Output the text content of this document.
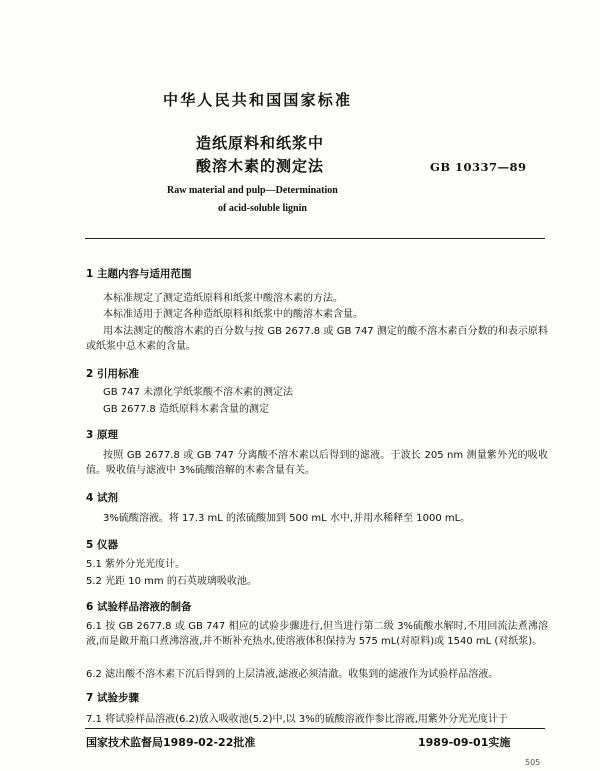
中华人民共和国国家标准
造纸原料和纸浆中
酸溶木素的测定法	GB 10337—89
Raw material and pulp—Determination
of acid-soluble lignin
1 主题内容与适用范围
本标准规定了测定造纸原料和纸浆中酸溶木素的方法。
本标准适用于测定各种造纸原料和纸浆中的酸溶木素含量。
用本法测定的酸溶木素的百分数与按 GB 2677.8 或 GB 747 测定的酸不溶木素百分数的和表示原料或纸浆中总木素的含量。
2 引用标准
GB 747 未漂化学纸浆酸不溶木素的测定法
GB 2677.8 造纸原料木素含量的测定
3 原理
按照 GB 2677.8 或 GB 747 分离酸不溶木素以后得到的滤液。于波长 205 nm 测量紫外光的吸收值。吸收值与滤液中 3%硫酸溶解的木素含量有关。
4 试剂
3%硫酸溶液。将 17.3 mL 的浓硫酸加到 500 mL 水中,并用水稀释至 1000 mL。
5 仪器
5.1 紫外分光光度计。
5.2 光距 10 mm 的石英玻璃吸收池。
6 试验样品溶液的制备
6.1 按 GB 2677.8 或 GB 747 相应的试验步骤进行,但当进行第二级 3%硫酸水解时,不用回流法煮沸溶液,而是敞开瓶口煮沸溶液,并不断补充热水,使溶液体积保持为 575 mL(对原料)或 1540 mL (对纸浆)。
6.2 滤出酸不溶木素下沉后得到的上层清液,滤液必须清澈。收集到的滤液作为试验样品溶液。
7 试验步骤
7.1 将试验样品溶液(6.2)放入吸收池(5.2)中,以 3%的硫酸溶液作参比溶液,用紫外分光光度计于
国家技术监督局1989-02-22批准	1989-09-01实施
505
